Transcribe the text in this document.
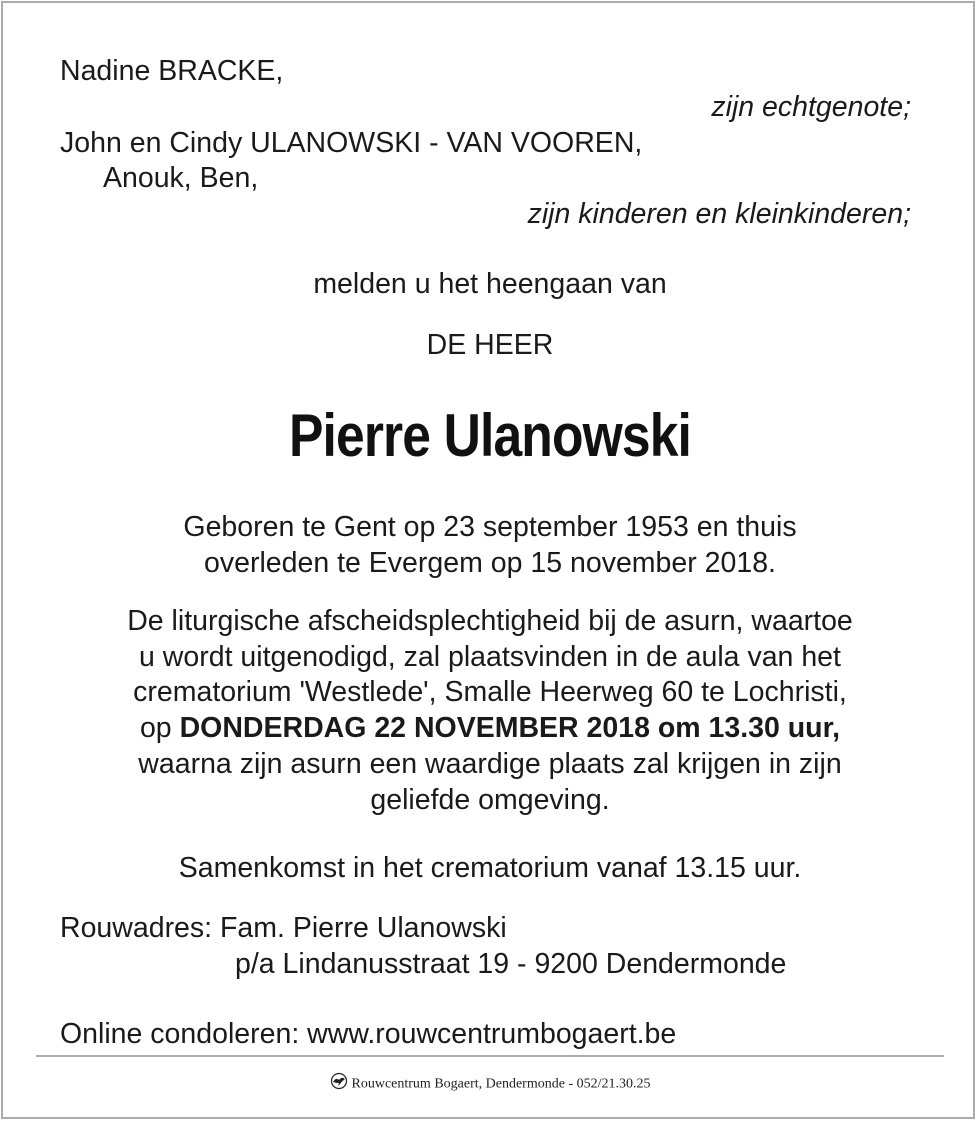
Nadine BRACKE,
zijn echtgenote;
John en Cindy ULANOWSKI - VAN VOOREN,
Anouk, Ben,
zijn kinderen en kleinkinderen;
melden u het heengaan van
DE HEER
Pierre Ulanowski
Geboren te Gent op 23 september 1953 en thuis
overleden te Evergem op 15 november 2018.
De liturgische afscheidsplechtigheid bij de asurn, waartoe
u wordt uitgenodigd, zal plaatsvinden in de aula van het
crematorium 'Westlede', Smalle Heerweg 60 te Lochristi,
op DONDERDAG 22 NOVEMBER 2018 om 13.30 uur,
waarna zijn asurn een waardige plaats zal krijgen in zijn
geliefde omgeving.
Samenkomst in het crematorium vanaf 13.15 uur.
Rouwadres: Fam. Pierre Ulanowski
p/a Lindanusstraat 19 - 9200 Dendermonde
Online condoleren: www.rouwcentrumbogaert.be
Rouwcentrum Bogaert, Dendermonde - 052/21.30.25
